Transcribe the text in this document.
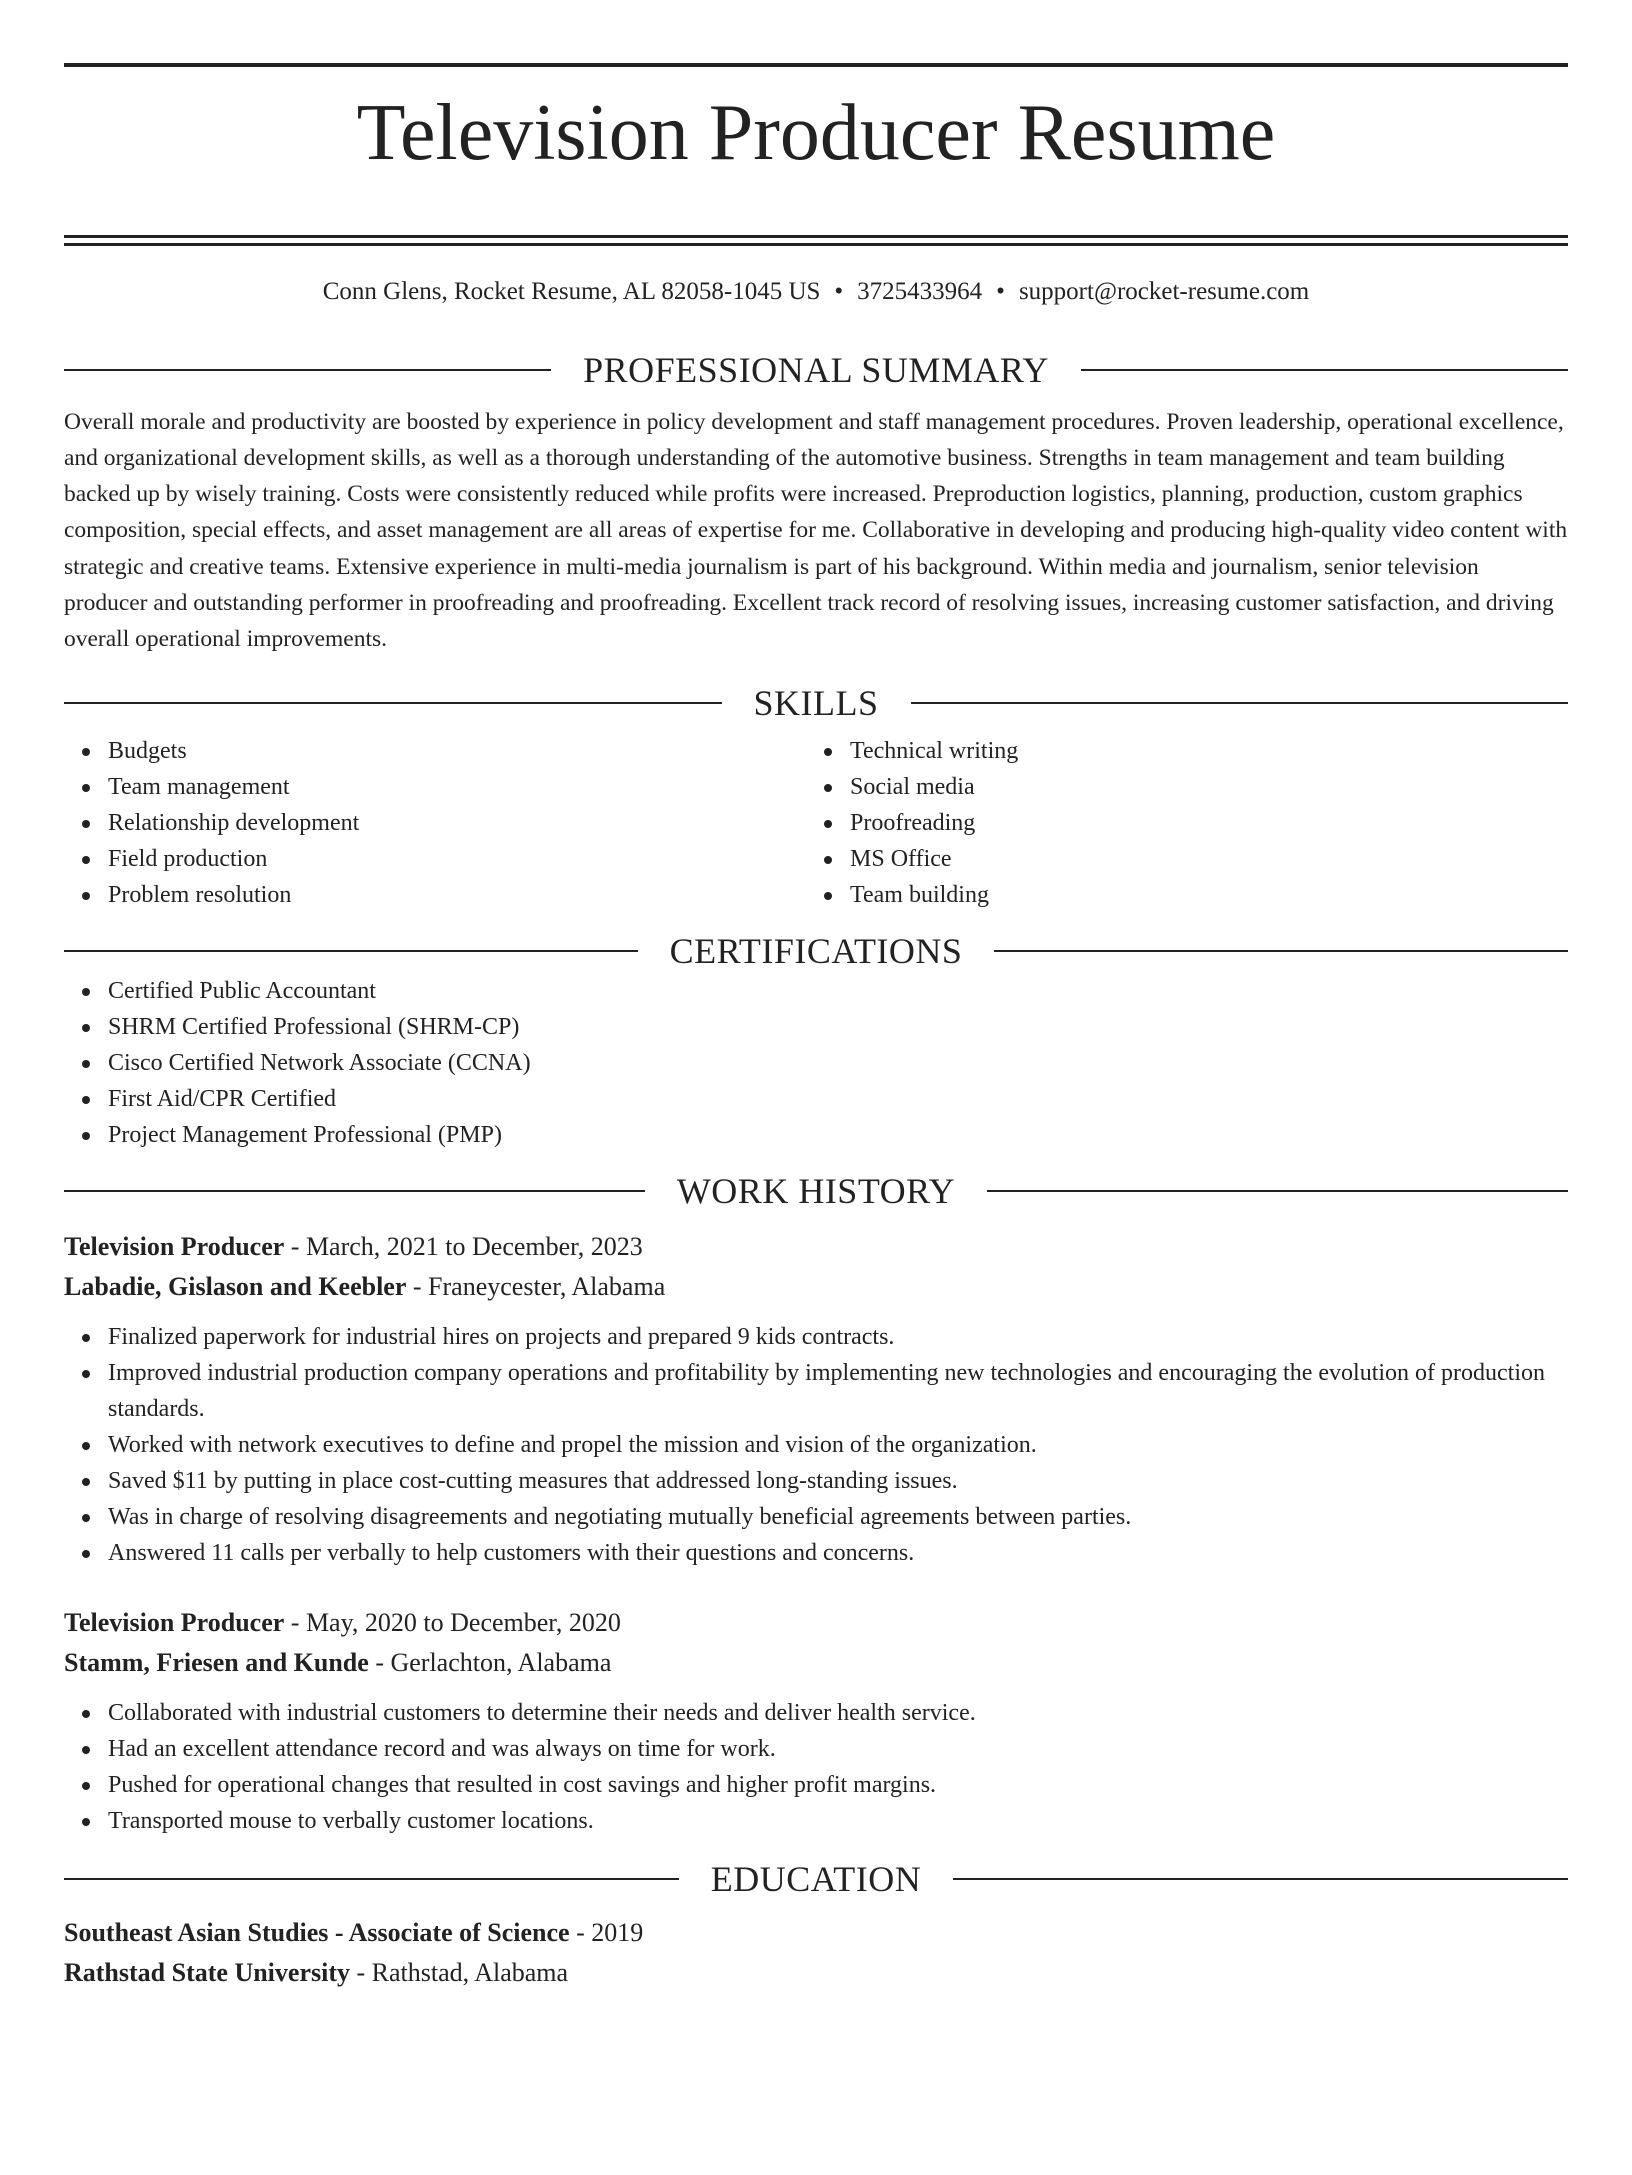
Television Producer Resume
Conn Glens, Rocket Resume, AL 82058-1045 US • 3725433964 • support@rocket-resume.com
PROFESSIONAL SUMMARY

Overall morale and productivity are boosted by experience in policy development and staff management procedures. Proven leadership, operational excellence, and organizational development skills, as well as a thorough understanding of the automotive business. Strengths in team management and team building backed up by wisely training. Costs were consistently reduced while profits were increased. Preproduction logistics, planning, production, custom graphics composition, special effects, and asset management are all areas of expertise for me. Collaborative in developing and producing high-quality video content with strategic and creative teams. Extensive experience in multi-media journalism is part of his background. Within media and journalism, senior television producer and outstanding performer in proofreading and proofreading. Excellent track record of resolving issues, increasing customer satisfaction, and driving overall operational improvements.

SKILLS
Budgets
Team management
Relationship development
Field production
Problem resolution
Technical writing
Social media
Proofreading
MS Office
Team building
CERTIFICATIONS
Certified Public Accountant
SHRM Certified Professional (SHRM-CP)
Cisco Certified Network Associate (CCNA)
First Aid/CPR Certified
Project Management Professional (PMP)
WORK HISTORY
Television Producer - March, 2021 to December, 2023
Labadie, Gislason and Keebler - Franeycester, Alabama
Finalized paperwork for industrial hires on projects and prepared 9 kids contracts.
Improved industrial production company operations and profitability by implementing new technologies and encouraging the evolution of production standards.
Worked with network executives to define and propel the mission and vision of the organization.
Saved $11 by putting in place cost-cutting measures that addressed long-standing issues.
Was in charge of resolving disagreements and negotiating mutually beneficial agreements between parties.
Answered 11 calls per verbally to help customers with their questions and concerns.
Television Producer - May, 2020 to December, 2020
Stamm, Friesen and Kunde - Gerlachton, Alabama
Collaborated with industrial customers to determine their needs and deliver health service.
Had an excellent attendance record and was always on time for work.
Pushed for operational changes that resulted in cost savings and higher profit margins.
Transported mouse to verbally customer locations.
EDUCATION
Southeast Asian Studies - Associate of Science - 2019
Rathstad State University - Rathstad, Alabama
